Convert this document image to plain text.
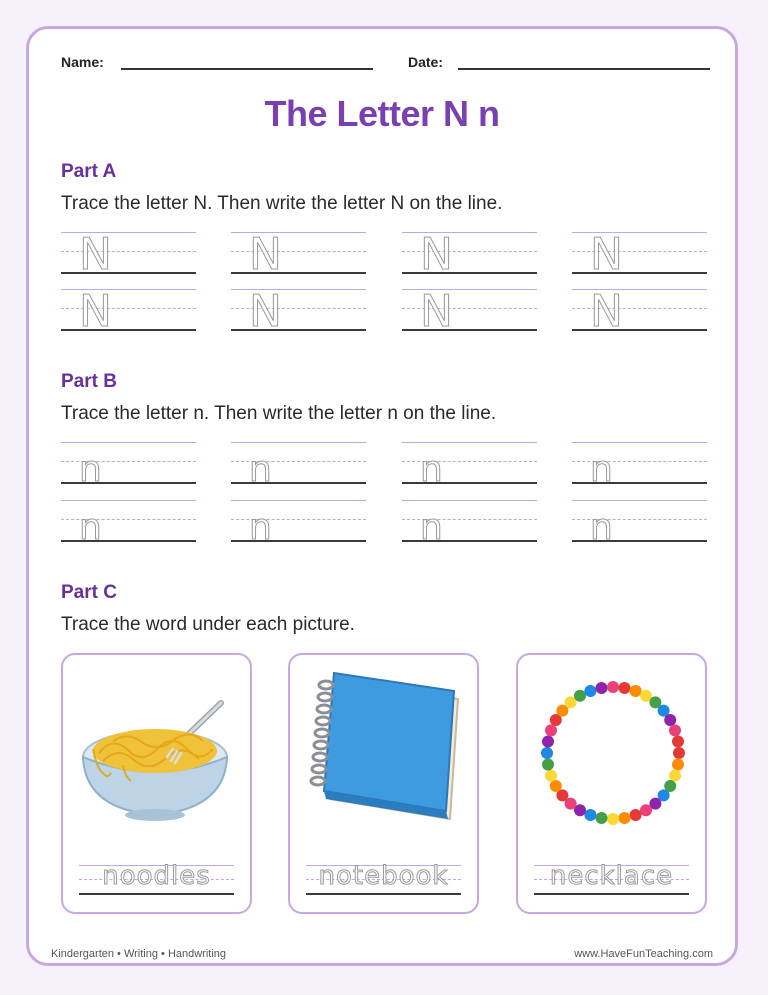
Name:	Date:
The Letter N n
Part A
Trace the letter N. Then write the letter N on the line.
N	N	N	N
N	N	N	N
Part B
Trace the letter n. Then write the letter n on the line.
n	n	n	n
n	n	n	n
Part C
Trace the word under each picture.
noodles	notebook	necklace
Kindergarten • Writing • Handwriting	www.HaveFunTeaching.com
